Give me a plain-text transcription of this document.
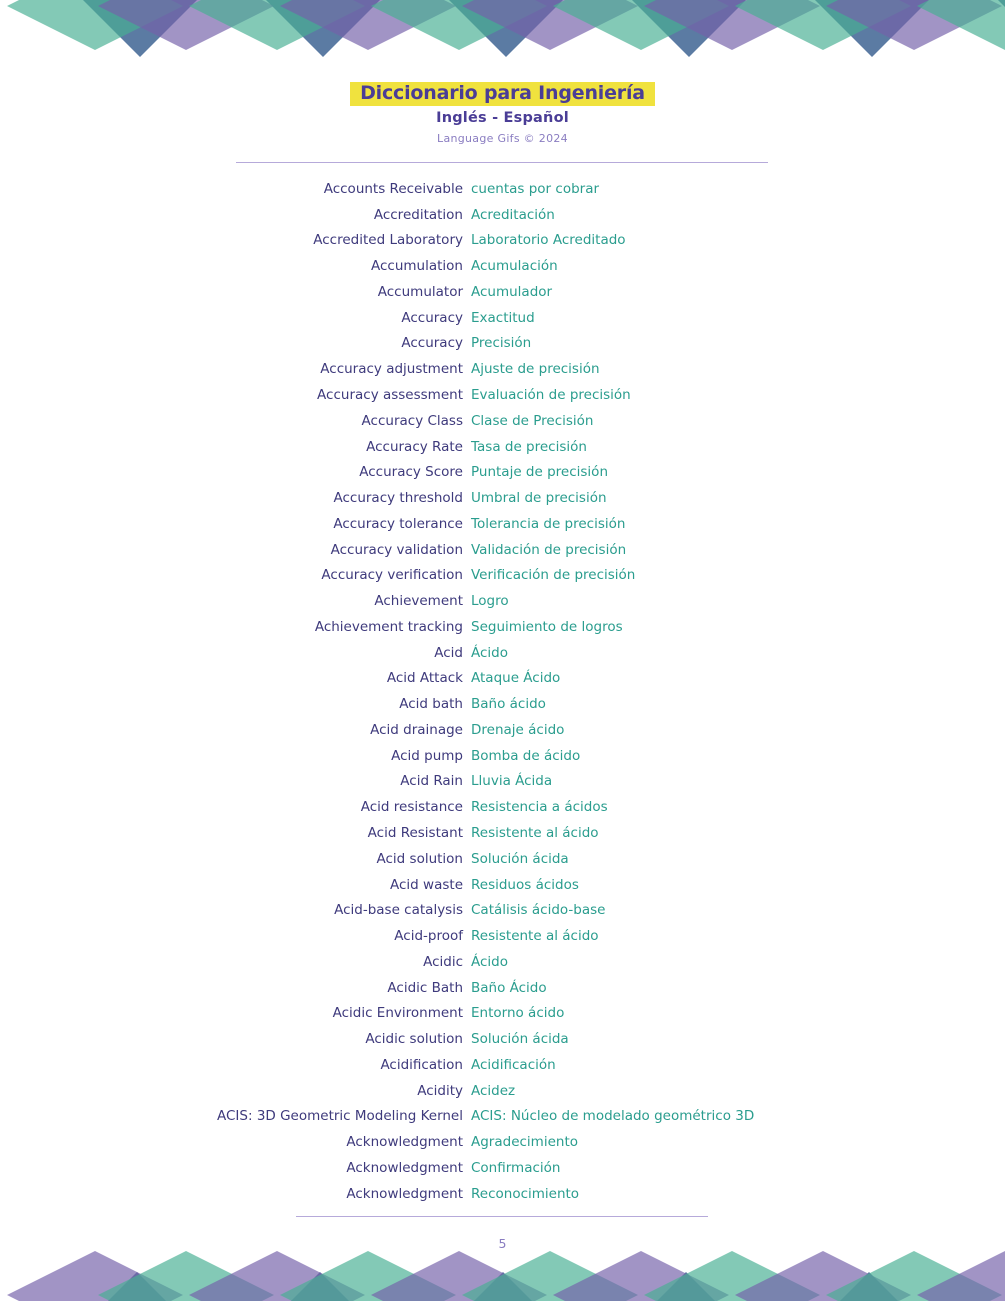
Diccionario para Ingeniería
Inglés - Español
Language Gifs © 2024
Accounts Receivable cuentas por cobrar
Accreditation Acreditación
Accredited Laboratory Laboratorio Acreditado
Accumulation Acumulación
Accumulator Acumulador
Accuracy Exactitud
Accuracy Precisión
Accuracy adjustment Ajuste de precisión
Accuracy assessment Evaluación de precisión
Accuracy Class Clase de Precisión
Accuracy Rate Tasa de precisión
Accuracy Score Puntaje de precisión
Accuracy threshold Umbral de precisión
Accuracy tolerance Tolerancia de precisión
Accuracy validation Validación de precisión
Accuracy verification Verificación de precisión
Achievement Logro
Achievement tracking Seguimiento de logros
Acid Ácido
Acid Attack Ataque Ácido
Acid bath Baño ácido
Acid drainage Drenaje ácido
Acid pump Bomba de ácido
Acid Rain Lluvia Ácida
Acid resistance Resistencia a ácidos
Acid Resistant Resistente al ácido
Acid solution Solución ácida
Acid waste Residuos ácidos
Acid-base catalysis Catálisis ácido-base
Acid-proof Resistente al ácido
Acidic Ácido
Acidic Bath Baño Ácido
Acidic Environment Entorno ácido
Acidic solution Solución ácida
Acidification Acidificación
Acidity Acidez
ACIS: 3D Geometric Modeling Kernel ACIS: Núcleo de modelado geométrico 3D
Acknowledgment Agradecimiento
Acknowledgment Confirmación
Acknowledgment Reconocimiento
5
